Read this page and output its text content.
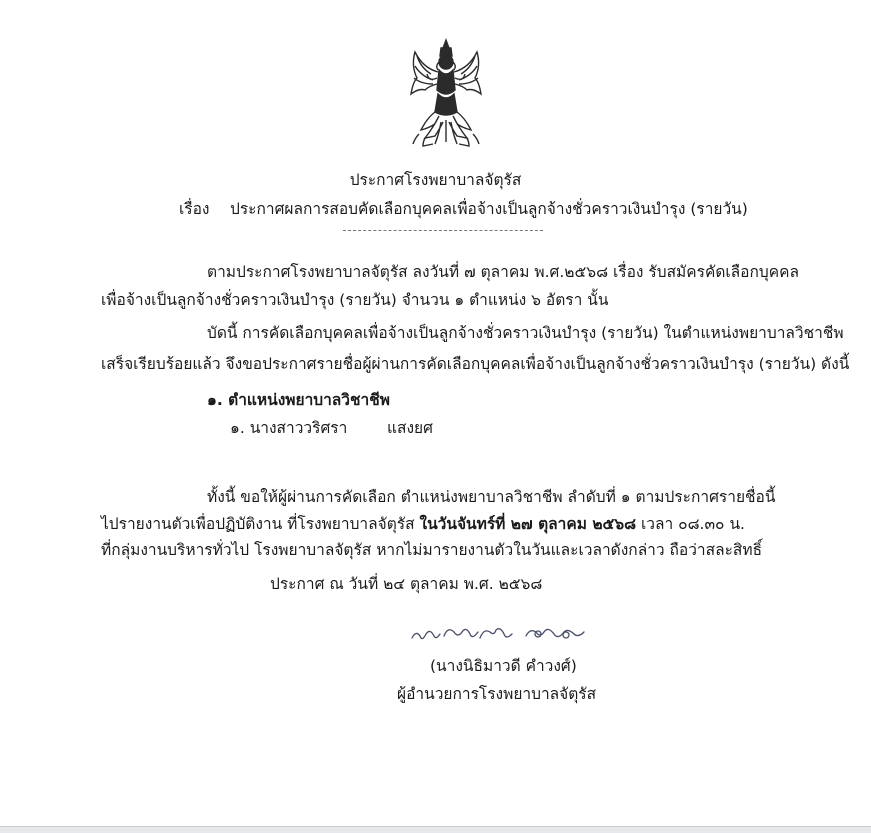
ประกาศโรงพยาบาลจัตุรัส
เรื่อง ประกาศผลการสอบคัดเลือกบุคคลเพื่อจ้างเป็นลูกจ้างชั่วคราวเงินบำรุง (รายวัน)
ตามประกาศโรงพยาบาลจัตุรัส ลงวันที่ ๗ ตุลาคม พ.ศ.๒๕๖๘ เรื่อง รับสมัครคัดเลือกบุคคล
เพื่อจ้างเป็นลูกจ้างชั่วคราวเงินบำรุง (รายวัน) จำนวน ๑ ตำแหน่ง ๖ อัตรา นั้น
บัดนี้ การคัดเลือกบุคคลเพื่อจ้างเป็นลูกจ้างชั่วคราวเงินบำรุง (รายวัน) ในตำแหน่งพยาบาลวิชาชีพ
เสร็จเรียบร้อยแล้ว จึงขอประกาศรายชื่อผู้ผ่านการคัดเลือกบุคคลเพื่อจ้างเป็นลูกจ้างชั่วคราวเงินบำรุง (รายวัน) ดังนี้
๑. ตำแหน่งพยาบาลวิชาชีพ
๑. นางสาววริศรา	แสงยศ
ทั้งนี้ ขอให้ผู้ผ่านการคัดเลือก ตำแหน่งพยาบาลวิชาชีพ ลำดับที่ ๑ ตามประกาศรายชื่อนี้
ไปรายงานตัวเพื่อปฏิบัติงาน ที่โรงพยาบาลจัตุรัส ในวันจันทร์ที่ ๒๗ ตุลาคม ๒๕๖๘ เวลา ๐๘.๓๐ น.
ที่กลุ่มงานบริหารทั่วไป โรงพยาบาลจัตุรัส หากไม่มารายงานตัวในวันและเวลาดังกล่าว ถือว่าสละสิทธิ์
ประกาศ ณ วันที่ ๒๔ ตุลาคม พ.ศ. ๒๕๖๘
(นางนิธิมาวดี คำวงศ์)
ผู้อำนวยการโรงพยาบาลจัตุรัส
